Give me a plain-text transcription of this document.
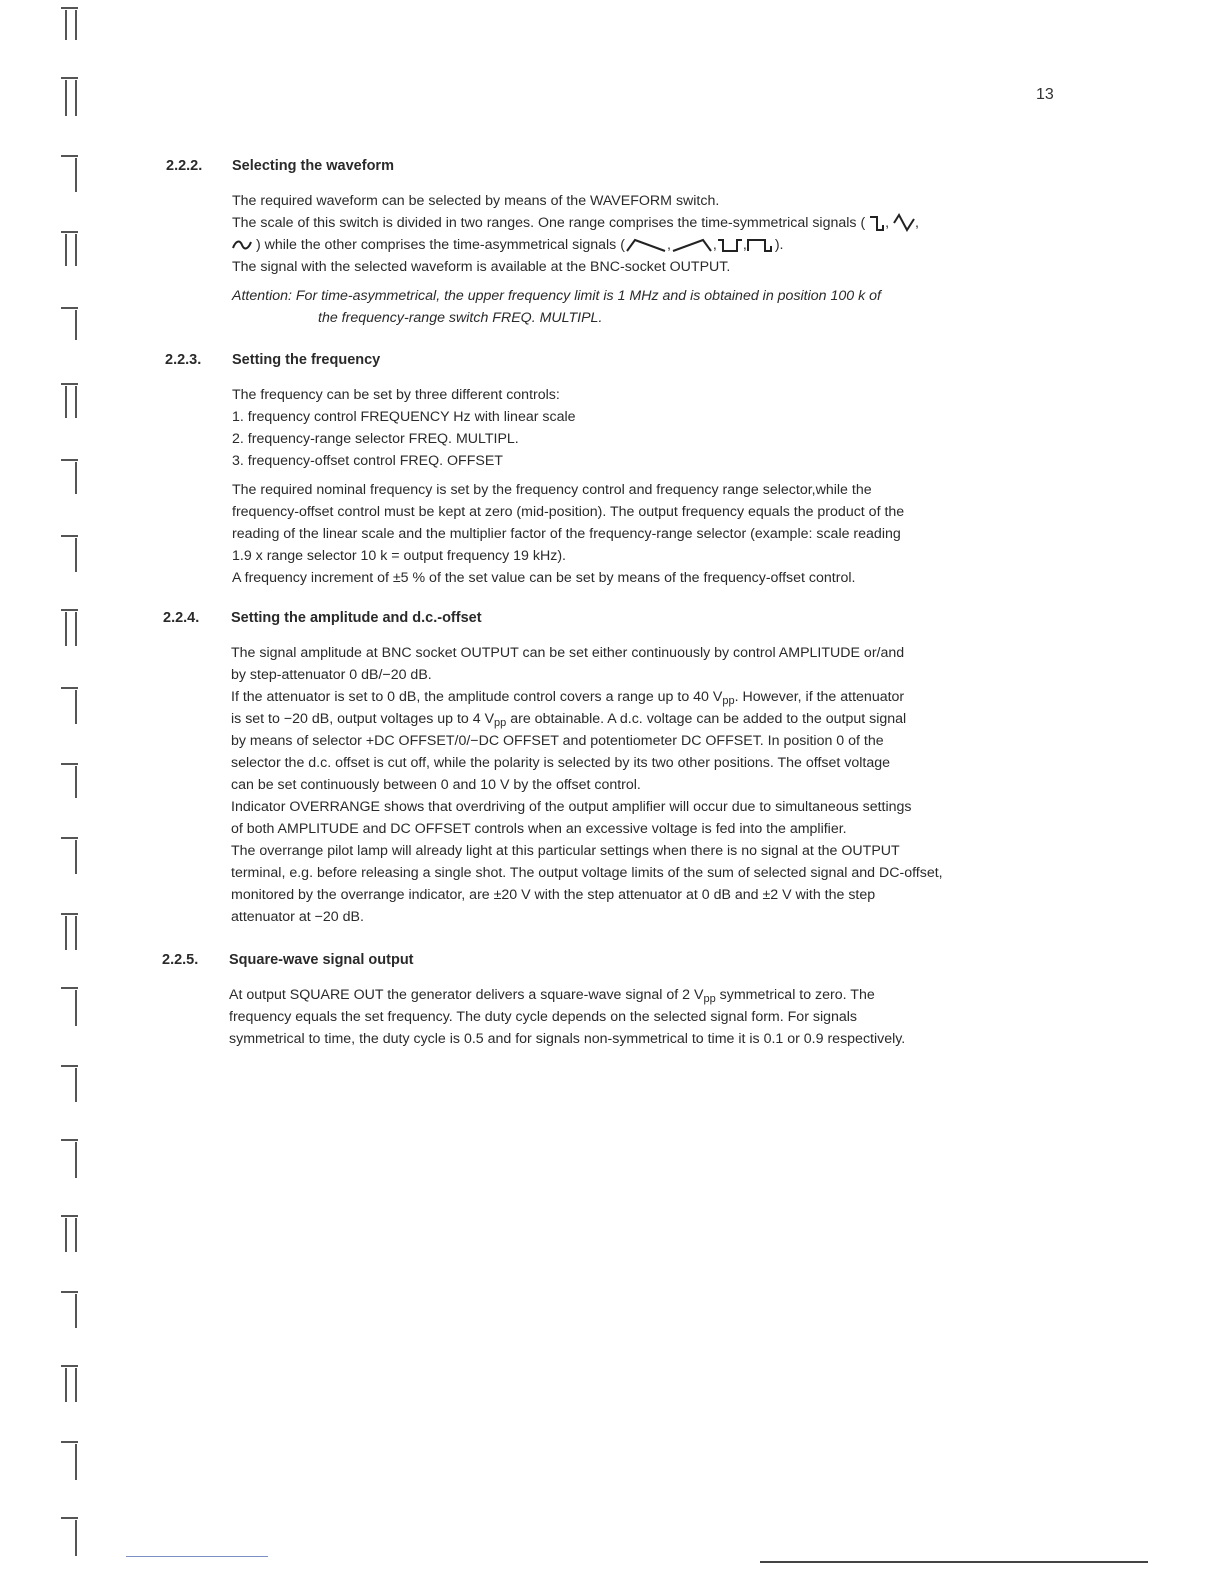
13
2.2.2. Selecting the waveform
The required waveform can be selected by means of the WAVEFORM switch.
The scale of this switch is divided in two ranges. One range comprises the time-symmetrical signals ( ,
,
) while the other comprises the time-asymmetrical signals (	,	, , ).
The signal with the selected waveform is available at the BNC-socket OUTPUT.
Attention: For time-asymmetrical, the upper frequency limit is 1 MHz and is obtained in position 100 k of
the frequency-range switch FREQ. MULTIPL.
2.2.3. Setting the frequency
The frequency can be set by three different controls:
1. frequency control FREQUENCY Hz with linear scale
2. frequency-range selector FREQ. MULTIPL.
3. frequency-offset control FREQ. OFFSET
The required nominal frequency is set by the frequency control and frequency range selector,while the
frequency-offset control must be kept at zero (mid-position). The output frequency equals the product of the
reading of the linear scale and the multiplier factor of the frequency-range selector (example: scale reading
1.9 x range selector 10 k = output frequency 19 kHz).
A frequency increment of ±5 % of the set value can be set by means of the frequency-offset control.
2.2.4. Setting the amplitude and d.c.-offset
The signal amplitude at BNC socket OUTPUT can be set either continuously by control AMPLITUDE or/and
by step-attenuator 0 dB/−20 dB.
If the attenuator is set to 0 dB, the amplitude control covers a range up to 40 $V_{pp}$. However, if the attenuator
is set to −20 dB, output voltages up to 4 $V_{pp}$ are obtainable. A d.c. voltage can be added to the output signal
by means of selector +DC OFFSET/0/−DC OFFSET and potentiometer DC OFFSET. In position 0 of the
selector the d.c. offset is cut off, while the polarity is selected by its two other positions. The offset voltage
can be set continuously between 0 and 10 V by the offset control.
Indicator OVERRANGE shows that overdriving of the output amplifier will occur due to simultaneous settings
of both AMPLITUDE and DC OFFSET controls when an excessive voltage is fed into the amplifier.
The overrange pilot lamp will already light at this particular settings when there is no signal at the OUTPUT
terminal, e.g. before releasing a single shot. The output voltage limits of the sum of selected signal and DC-offset,
monitored by the overrange indicator, are ±20 V with the step attenuator at 0 dB and ±2 V with the step
attenuator at −20 dB.
2.2.5. Square-wave signal output
At output SQUARE OUT the generator delivers a square-wave signal of 2 $V_{pp}$ symmetrical to zero. The
frequency equals the set frequency. The duty cycle depends on the selected signal form. For signals
symmetrical to time, the duty cycle is 0.5 and for signals non-symmetrical to time it is 0.1 or 0.9 respectively.
